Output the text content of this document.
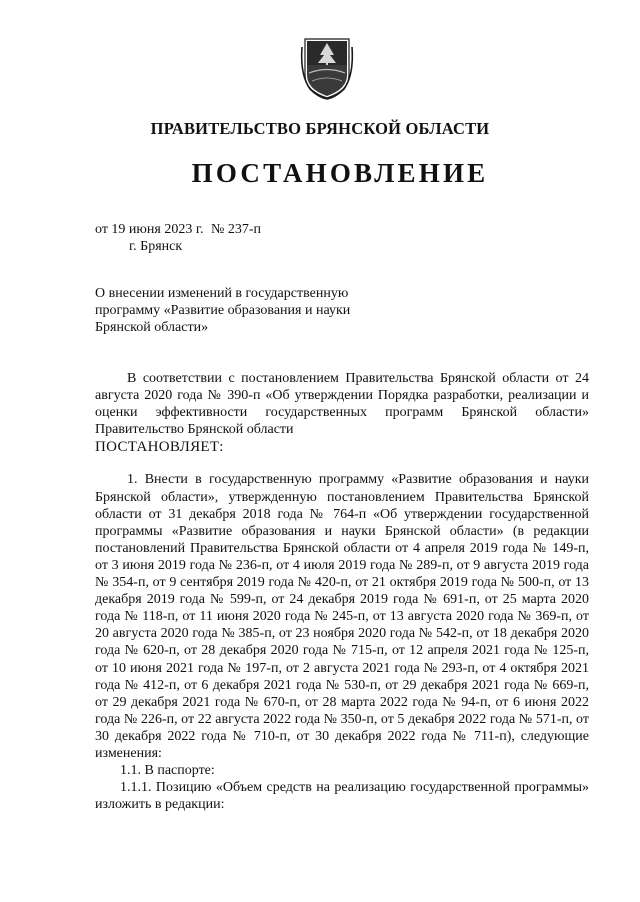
ПРАВИТЕЛЬСТВО БРЯНСКОЙ ОБЛАСТИ
ПОСТАНОВЛЕНИЕ
от 19 июня 2023 г. № 237-п
г. Брянск
О внесении изменений в государственную программу «Развитие образования и науки Брянской области»

В соответствии с постановлением Правительства Брянской области от 24 августа 2020 года № 390-п «Об утверждении Порядка разработки, реализации и оценки эффективности государственных программ Брянской области» Правительство Брянской области

ПОСТАНОВЛЯЕТ:

1. Внести в государственную программу «Развитие образования и науки Брянской области», утвержденную постановлением Правительства Брянской области от 31 декабря 2018 года № 764-п «Об утверждении государственной программы «Развитие образования и науки Брянской области» (в редакции постановлений Правительства Брянской области от 4 апреля 2019 года № 149-п, от 3 июня 2019 года № 236-п, от 4 июля 2019 года № 289-п, от 9 августа 2019 года № 354-п, от 9 сентября 2019 года № 420-п, от 21 октября 2019 года № 500-п, от 13 декабря 2019 года № 599-п, от 24 декабря 2019 года № 691-п, от 25 марта 2020 года № 118-п, от 11 июня 2020 года № 245-п, от 13 августа 2020 года № 369-п, от 20 августа 2020 года № 385-п, от 23 ноября 2020 года № 542-п, от 18 декабря 2020 года № 620-п, от 28 декабря 2020 года № 715-п, от 12 апреля 2021 года № 125-п, от 10 июня 2021 года № 197-п, от 2 августа 2021 года № 293-п, от 4 октября 2021 года № 412-п, от 6 декабря 2021 года № 530-п, от 29 декабря 2021 года № 669-п, от 29 декабря 2021 года № 670-п, от 28 марта 2022 года № 94-п, от 6 июня 2022 года № 226-п, от 22 августа 2022 года № 350-п, от 5 декабря 2022 года № 571-п, от 30 декабря 2022 года № 710-п, от 30 декабря 2022 года № 711-п), следующие изменения:

1.1. В паспорте:

1.1.1. Позицию «Объем средств на реализацию государственной программы» изложить в редакции:
